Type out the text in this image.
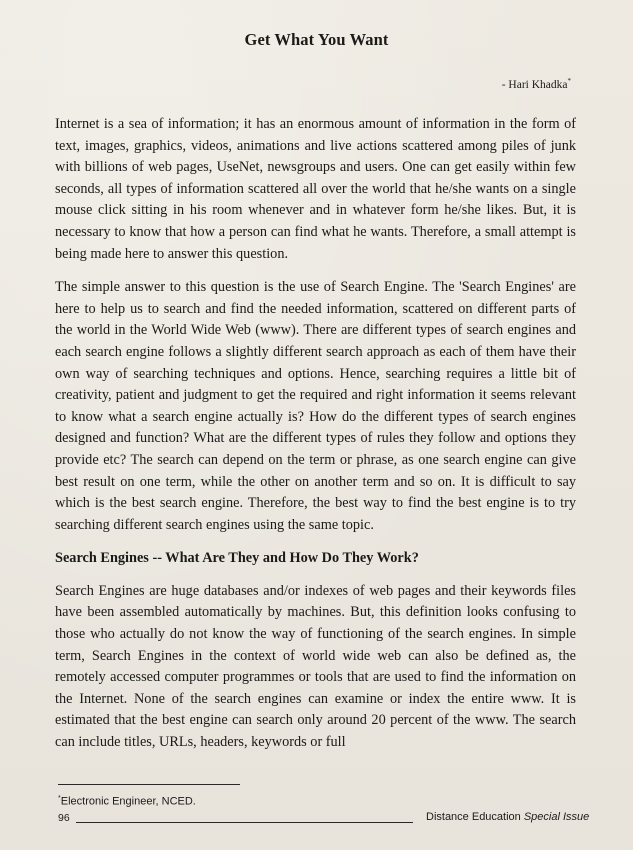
Get What You Want
- Hari Khadka*

Internet is a sea of information; it has an enormous amount of information in the form of text, images, graphics, videos, animations and live actions scattered among piles of junk with billions of web pages, UseNet, newsgroups and users. One can get easily within few seconds, all types of information scattered all over the world that he/she wants on a single mouse click sitting in his room whenever and in whatever form he/she likes. But, it is necessary to know that how a person can find what he wants. Therefore, a small attempt is being made here to answer this question.

The simple answer to this question is the use of Search Engine. The 'Search Engines' are here to help us to search and find the needed information, scattered on different parts of the world in the World Wide Web (www). There are different types of search engines and each search engine follows a slightly different search approach as each of them have their own way of searching techniques and options. Hence, searching requires a little bit of creativity, patient and judgment to get the required and right information it seems relevant to know what a search engine actually is? How do the different types of search engines designed and function? What are the different types of rules they follow and options they provide etc? The search can depend on the term or phrase, as one search engine can give best result on one term, while the other on another term and so on. It is difficult to say which is the best search engine. Therefore, the best way to find the best engine is to try searching different search engines using the same topic.

Search Engines -- What Are They and How Do They Work?

Search Engines are huge databases and/or indexes of web pages and their keywords files have been assembled automatically by machines. But, this definition looks confusing to those who actually do not know the way of functioning of the search engines. In simple term, Search Engines in the context of world wide web can also be defined as, the remotely accessed computer programmes or tools that are used to find the information on the Internet. None of the search engines can examine or index the entire www. It is estimated that the best engine can search only around 20 percent of the www. The search can include titles, URLs, headers, keywords or full

*Electronic Engineer, NCED.
96	Distance Education Special Issue
